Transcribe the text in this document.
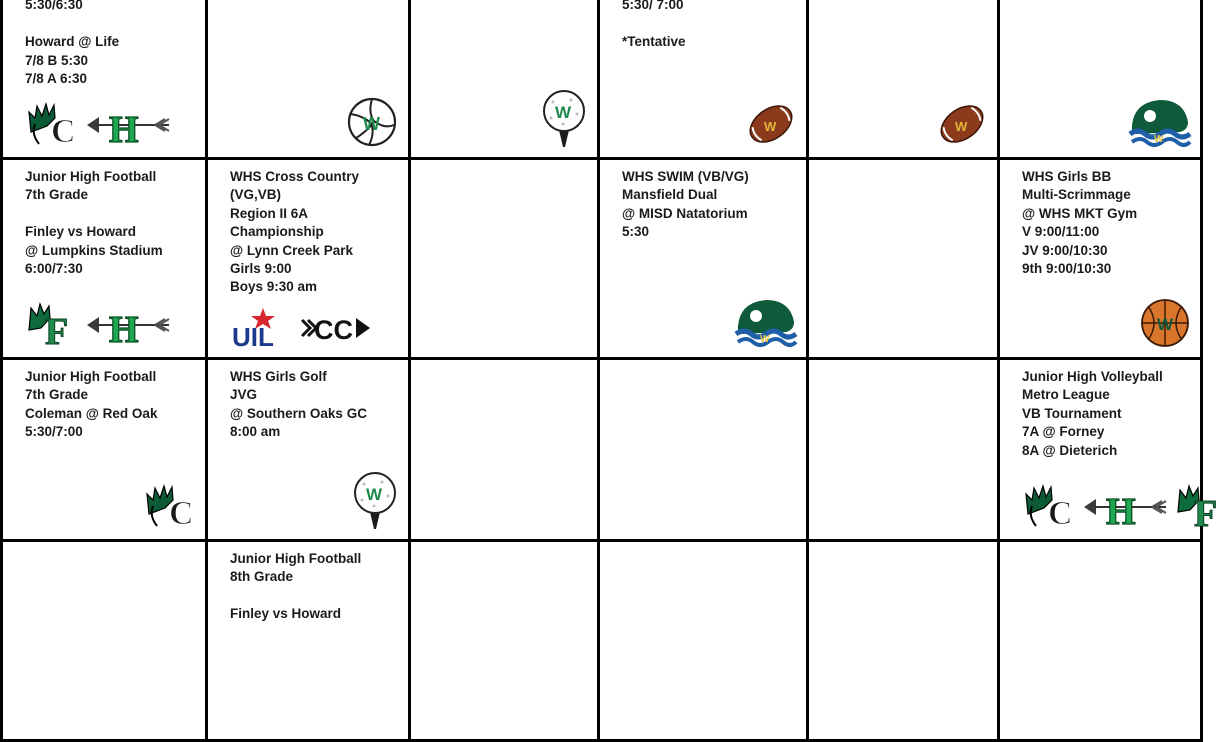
5:30/6:30
Howard @ Life
7/8 B 5:30
7/8 A 6:30
C H	W
W
5:30/ 7:00
*Tentative
W	W
W
Junior High Football
7th Grade
Finley vs Howard
@ Lumpkins Stadium
6:00/7:30
F H
WHS Cross Country
(VG,VB)
Region II 6A
Championship
@ Lynn Creek Park
Girls 9:00
Boys 9:30 am
UIL CC
WHS SWIM (VB/VG)
Mansfield Dual
@ MISD Natatorium
5:30
W
WHS Girls BB
Multi-Scrimmage
@ WHS MKT Gym
V 9:00/11:00
JV 9:00/10:30
9th 9:00/10:30
W
Junior High Football
7th Grade
Coleman @ Red Oak
5:30/7:00
C
WHS Girls Golf
JVG
@ Southern Oaks GC
8:00 am
W
Junior High Volleyball
Metro League
VB Tournament
7A @ Forney
8A @ Dieterich
C H F
Junior High Football
8th Grade
Finley vs Howard
